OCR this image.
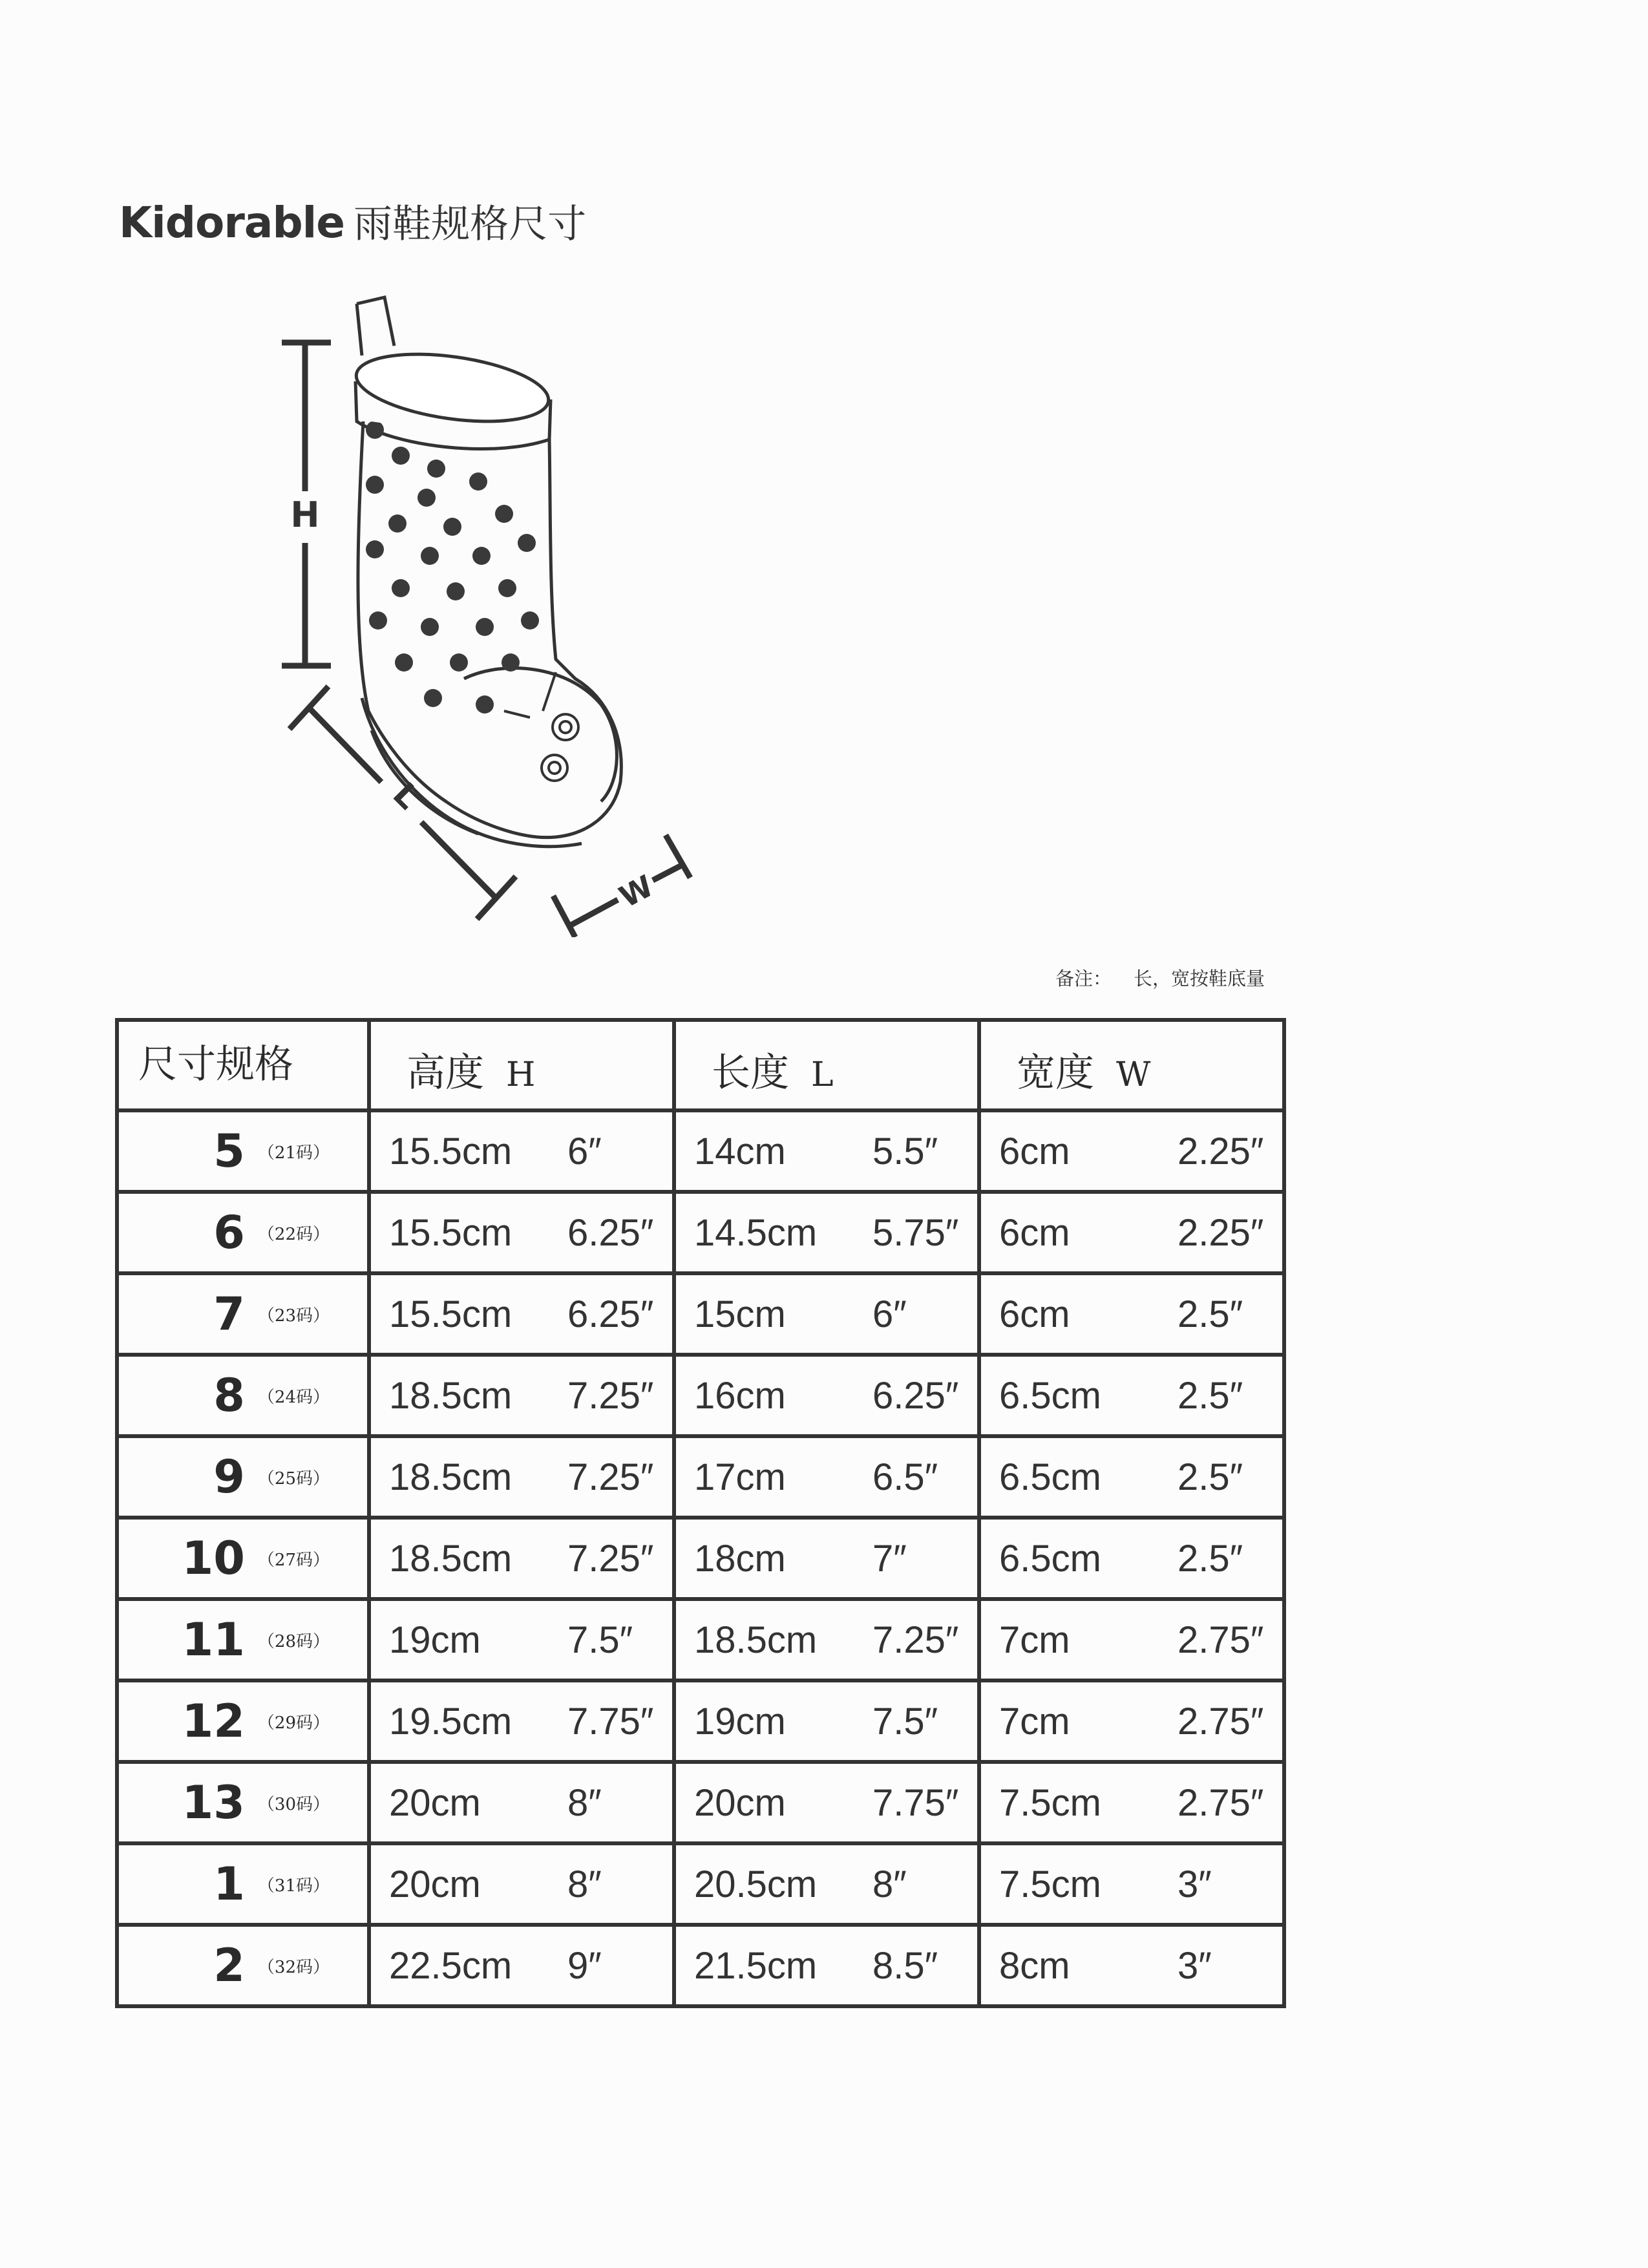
Kidorable 雨鞋规格尺寸
H
L
W
备注： 长，宽按鞋底量
尺寸规格	高度 H	长度 L	宽度 W
5 （21码）	15.5cm 6″	14cm 5.5″	6cm 2.25″

6 （22码）	15.5cm 6.25″	14.5cm 5.75″	6cm 2.25″

7 （23码）	15.5cm 6.25″	15cm 6″	6cm 2.5″

8 （24码）	18.5cm 7.25″	16cm 6.25″	6.5cm 2.5″

9 （25码）	18.5cm 7.25″	17cm 6.5″	6.5cm 2.5″

10 （27码）	18.5cm 7.25″	18cm 7″	6.5cm 2.5″

11 （28码）	19cm 7.5″	18.5cm 7.25″	7cm 2.75″

12 （29码）	19.5cm 7.75″	19cm 7.5″	7cm 2.75″

13 （30码）	20cm 8″	20cm 7.75″	7.5cm 2.75″

1 （31码）	20cm 8″	20.5cm 8″	7.5cm 3″

2 （32码）	22.5cm 9″	21.5cm 8.5″	8cm 3″
